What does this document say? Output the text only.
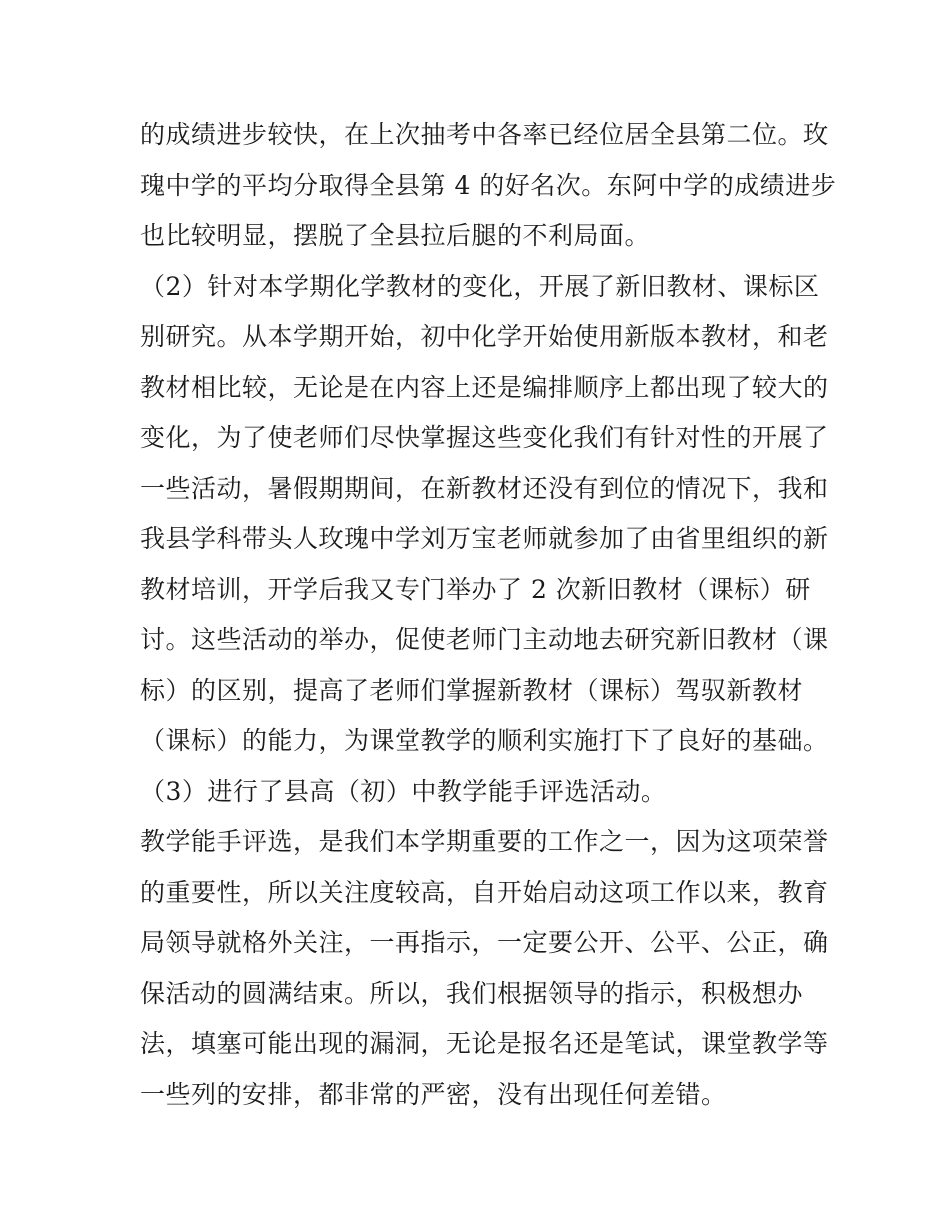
的成绩进步较快，在上次抽考中各率已经位居全县第二位。玫
瑰中学的平均分取得全县第 4 的好名次。东阿中学的成绩进步
也比较明显，摆脱了全县拉后腿的不利局面。
（2）针对本学期化学教材的变化，开展了新旧教材、课标区
别研究。从本学期开始，初中化学开始使用新版本教材，和老
教材相比较，无论是在内容上还是编排顺序上都出现了较大的
变化，为了使老师们尽快掌握这些变化我们有针对性的开展了
一些活动，暑假期期间，在新教材还没有到位的情况下，我和
我县学科带头人玫瑰中学刘万宝老师就参加了由省里组织的新
教材培训，开学后我又专门举办了 2 次新旧教材（课标）研
讨。这些活动的举办，促使老师门主动地去研究新旧教材（课
标）的区别，提高了老师们掌握新教材（课标）驾驭新教材
（课标）的能力，为课堂教学的顺利实施打下了良好的基础。
（3）进行了县高（初）中教学能手评选活动。
教学能手评选，是我们本学期重要的工作之一，因为这项荣誉
的重要性，所以关注度较高，自开始启动这项工作以来，教育
局领导就格外关注，一再指示，一定要公开、公平、公正，确
保活动的圆满结束。所以，我们根据领导的指示，积极想办
法，填塞可能出现的漏洞，无论是报名还是笔试，课堂教学等
一些列的安排，都非常的严密，没有出现任何差错。
